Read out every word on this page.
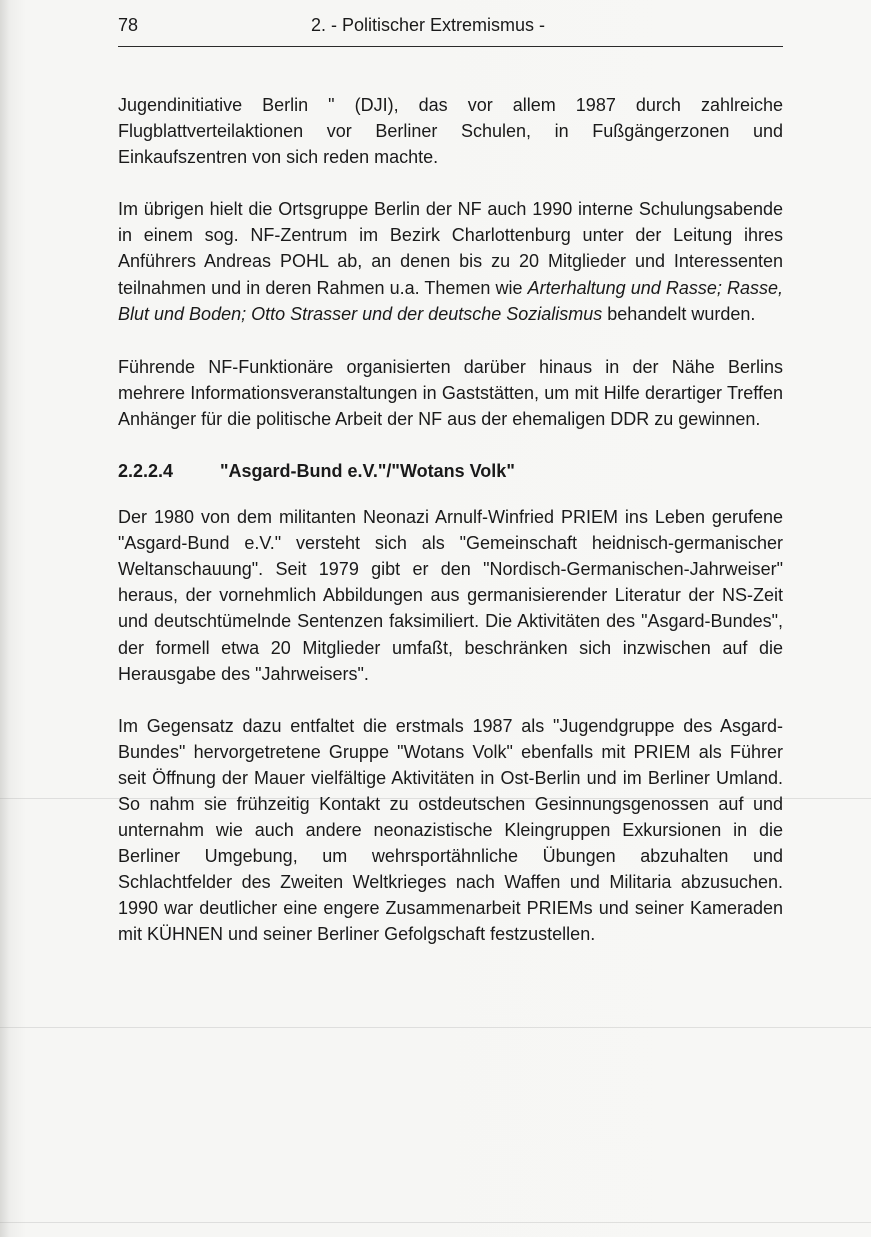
78	2. - Politischer Extremismus -

Jugendinitiative Berlin " (DJI), das vor allem 1987 durch zahlreiche Flugblattverteilaktionen vor Berliner Schulen, in Fußgängerzonen und Einkaufszentren von sich reden machte.

Im übrigen hielt die Ortsgruppe Berlin der NF auch 1990 interne Schulungsabende in einem sog. NF-Zentrum im Bezirk Charlottenburg unter der Leitung ihres Anführers Andreas POHL ab, an denen bis zu 20 Mitglieder und Interessenten teilnahmen und in deren Rahmen u.a. Themen wie Arterhaltung und Rasse; Rasse, Blut und Boden; Otto Strasser und der deutsche Sozialismus behandelt wurden.

Führende NF-Funktionäre organisierten darüber hinaus in der Nähe Berlins mehrere Informationsveranstaltungen in Gaststätten, um mit Hilfe derartiger Treffen Anhänger für die politische Arbeit der NF aus der ehemaligen DDR zu gewinnen.

2.2.2.4	"Asgard-Bund e.V."/"Wotans Volk"

Der 1980 von dem militanten Neonazi Arnulf-Winfried PRIEM ins Leben gerufene "Asgard-Bund e.V." versteht sich als "Gemeinschaft heidnisch-germanischer Weltanschauung". Seit 1979 gibt er den "Nordisch-Germanischen-Jahrweiser" heraus, der vornehmlich Abbildungen aus germanisierender Literatur der NS-Zeit und deutschtümelnde Sentenzen faksimiliert. Die Aktivitäten des "Asgard-Bundes", der formell etwa 20 Mitglieder umfaßt, beschränken sich inzwischen auf die Herausgabe des "Jahrweisers".

Im Gegensatz dazu entfaltet die erstmals 1987 als "Jugendgruppe des Asgard-Bundes" hervorgetretene Gruppe "Wotans Volk" ebenfalls mit PRIEM als Führer seit Öffnung der Mauer vielfältige Aktivitäten in Ost-Berlin und im Berliner Umland. So nahm sie frühzeitig Kontakt zu ostdeutschen Gesinnungsgenossen auf und unternahm wie auch andere neonazistische Kleingruppen Exkursionen in die Berliner Umgebung, um wehrsportähnliche Übungen abzuhalten und Schlachtfelder des Zweiten Weltkrieges nach Waffen und Militaria abzusuchen. 1990 war deutlicher eine engere Zusammenarbeit PRIEMs und seiner Kameraden mit KÜHNEN und seiner Berliner Gefolgschaft festzustellen.
